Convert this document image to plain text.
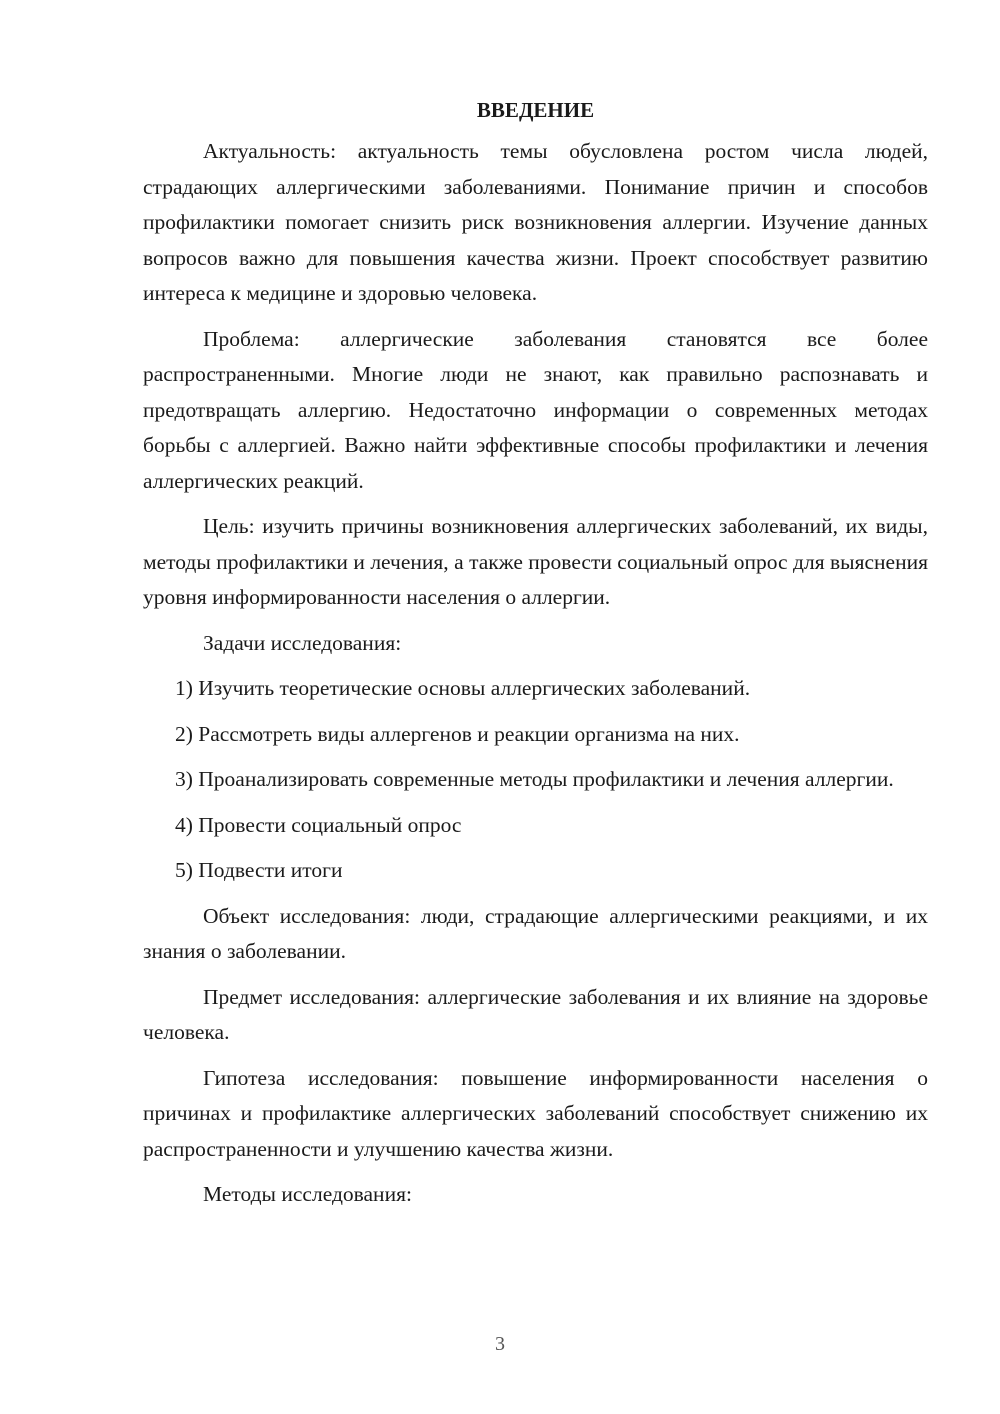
ВВЕДЕНИЕ

Актуальность: актуальность темы обусловлена ростом числа людей, страдающих аллергическими заболеваниями. Понимание причин и способов профилактики помогает снизить риск возникновения аллергии. Изучение данных вопросов важно для повышения качества жизни. Проект способствует развитию интереса к медицине и здоровью человека.

Проблема: аллергические заболевания становятся все более распространенными. Многие люди не знают, как правильно распознавать и предотвращать аллергию. Недостаточно информации о современных методах борьбы с аллергией. Важно найти эффективные способы профилактики и лечения аллергических реакций.

Цель: изучить причины возникновения аллергических заболеваний, их виды, методы профилактики и лечения, а также провести социальный опрос для выяснения уровня информированности населения о аллергии.

Задачи исследования:

1) Изучить теоретические основы аллергических заболеваний.

2) Рассмотреть виды аллергенов и реакции организма на них.

3) Проанализировать современные методы профилактики и лечения аллергии.

4) Провести социальный опрос

5) Подвести итоги

Объект исследования: люди, страдающие аллергическими реакциями, и их знания о заболевании.

Предмет исследования: аллергические заболевания и их влияние на здоровье человека.

Гипотеза исследования: повышение информированности населения о причинах и профилактике аллергических заболеваний способствует снижению их распространенности и улучшению качества жизни.

Методы исследования:

3
